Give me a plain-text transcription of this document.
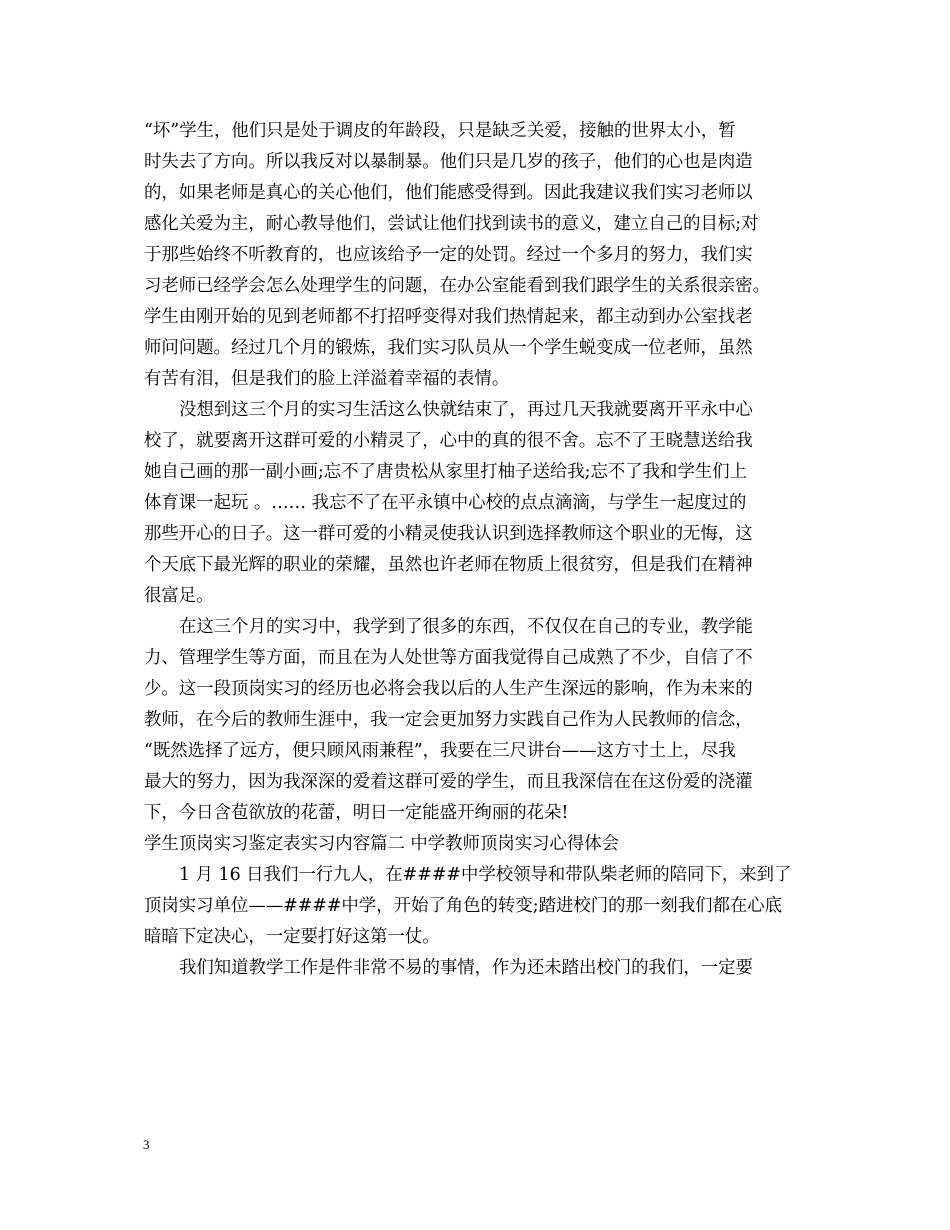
“坏”学生，他们只是处于调皮的年龄段，只是缺乏关爱，接触的世界太小，暂
时失去了方向。所以我反对以暴制暴。他们只是几岁的孩子，他们的心也是肉造
的，如果老师是真心的关心他们，他们能感受得到。因此我建议我们实习老师以
感化关爱为主，耐心教导他们，尝试让他们找到读书的意义，建立自己的目标;对
于那些始终不听教育的，也应该给予一定的处罚。经过一个多月的努力，我们实
习老师已经学会怎么处理学生的问题，在办公室能看到我们跟学生的关系很亲密。
学生由刚开始的见到老师都不打招呼变得对我们热情起来，都主动到办公室找老
师问问题。经过几个月的锻炼，我们实习队员从一个学生蜕变成一位老师，虽然
有苦有泪，但是我们的脸上洋溢着幸福的表情。
没想到这三个月的实习生活这么快就结束了，再过几天我就要离开平永中心
校了，就要离开这群可爱的小精灵了，心中的真的很不舍。忘不了王晓慧送给我
她自己画的那一副小画;忘不了唐贵松从家里打柚子送给我;忘不了我和学生们上
体育课一起玩 。…… 我忘不了在平永镇中心校的点点滴滴，与学生一起度过的
那些开心的日子。这一群可爱的小精灵使我认识到选择教师这个职业的无悔，这
个天底下最光辉的职业的荣耀，虽然也许老师在物质上很贫穷，但是我们在精神
很富足。
在这三个月的实习中，我学到了很多的东西，不仅仅在自己的专业，教学能
力、管理学生等方面，而且在为人处世等方面我觉得自己成熟了不少，自信了不
少。这一段顶岗实习的经历也必将会我以后的人生产生深远的影响，作为未来的
教师，在今后的教师生涯中，我一定会更加努力实践自己作为人民教师的信念，
“既然选择了远方，便只顾风雨兼程”，我要在三尺讲台——这方寸土上，尽我
最大的努力，因为我深深的爱着这群可爱的学生，而且我深信在在这份爱的浇灌
下，今日含苞欲放的花蕾，明日一定能盛开绚丽的花朵!
学生顶岗实习鉴定表实习内容篇二 中学教师顶岗实习心得体会
1 月 16 日我们一行九人，在####中学校领导和带队柴老师的陪同下，来到了
顶岗实习单位——####中学，开始了角色的转变;踏进校门的那一刻我们都在心底
暗暗下定决心，一定要打好这第一仗。
我们知道教学工作是件非常不易的事情，作为还未踏出校门的我们，一定要
3
